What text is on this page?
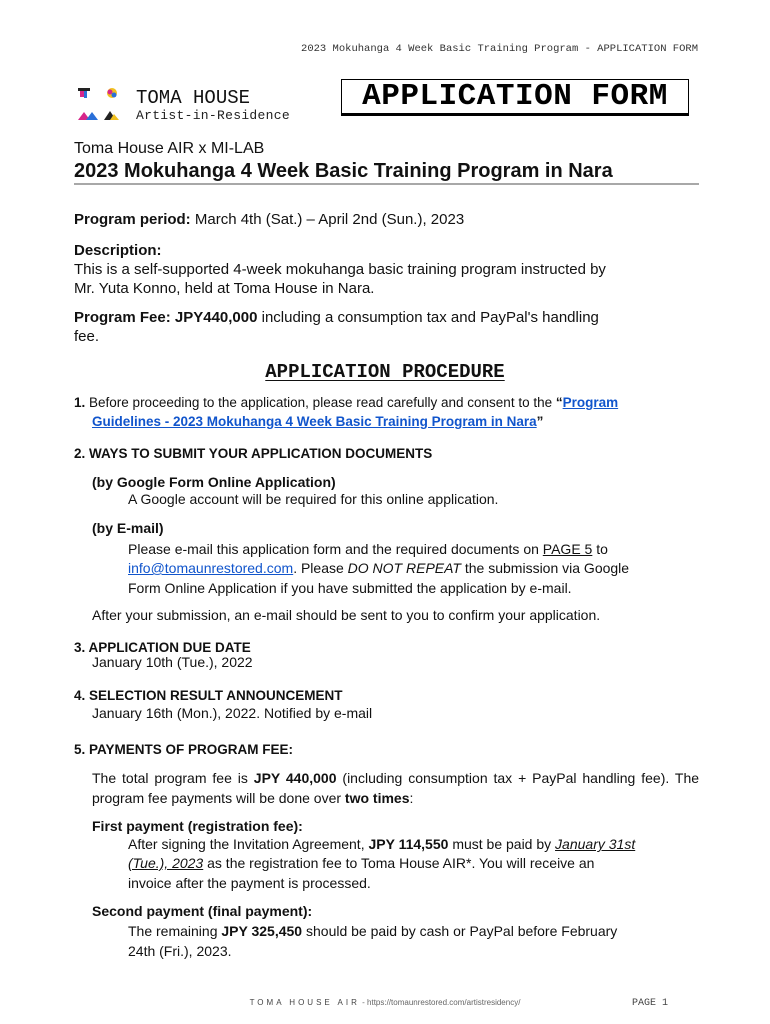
2023 Mokuhanga 4 Week Basic Training Program - APPLICATION FORM
TOMA HOUSE
Artist-in-Residence
APPLICATION FORM
Toma House AIR x MI-LAB
2023 Mokuhanga 4 Week Basic Training Program in Nara
Program period: March 4th (Sat.) – April 2nd (Sun.), 2023
Description:
This is a self-supported 4-week mokuhanga basic training program instructed by
Mr. Yuta Konno, held at Toma House in Nara.
Program Fee: JPY440,000 including a consumption tax and PayPal's handling
fee.
APPLICATION PROCEDURE
1. Before proceeding to the application, please read carefully and consent to the “Program
Guidelines - 2023 Mokuhanga 4 Week Basic Training Program in Nara”
2. WAYS TO SUBMIT YOUR APPLICATION DOCUMENTS
(by Google Form Online Application)
A Google account will be required for this online application.
(by E-mail)
Please e-mail this application form and the required documents on PAGE 5 to
info@tomaunrestored.com. Please DO NOT REPEAT the submission via Google
Form Online Application if you have submitted the application by e-mail.
After your submission, an e-mail should be sent to you to confirm your application.
3. APPLICATION DUE DATE
January 10th (Tue.), 2022
4. SELECTION RESULT ANNOUNCEMENT
January 16th (Mon.), 2022. Notified by e-mail
5. PAYMENTS OF PROGRAM FEE:
The total program fee is JPY 440,000 (including consumption tax + PayPal handling fee). The program fee payments will be done over two times:
First payment (registration fee):
After signing the Invitation Agreement, JPY 114,550 must be paid by January 31st
(Tue.), 2023 as the registration fee to Toma House AIR*. You will receive an
invoice after the payment is processed.
Second payment (final payment):
The remaining JPY 325,450 should be paid by cash or PayPal before February
24th (Fri.), 2023.
TOMA HOUSE AIR - https://tomaunrestored.com/artistresidency/	PAGE 1
